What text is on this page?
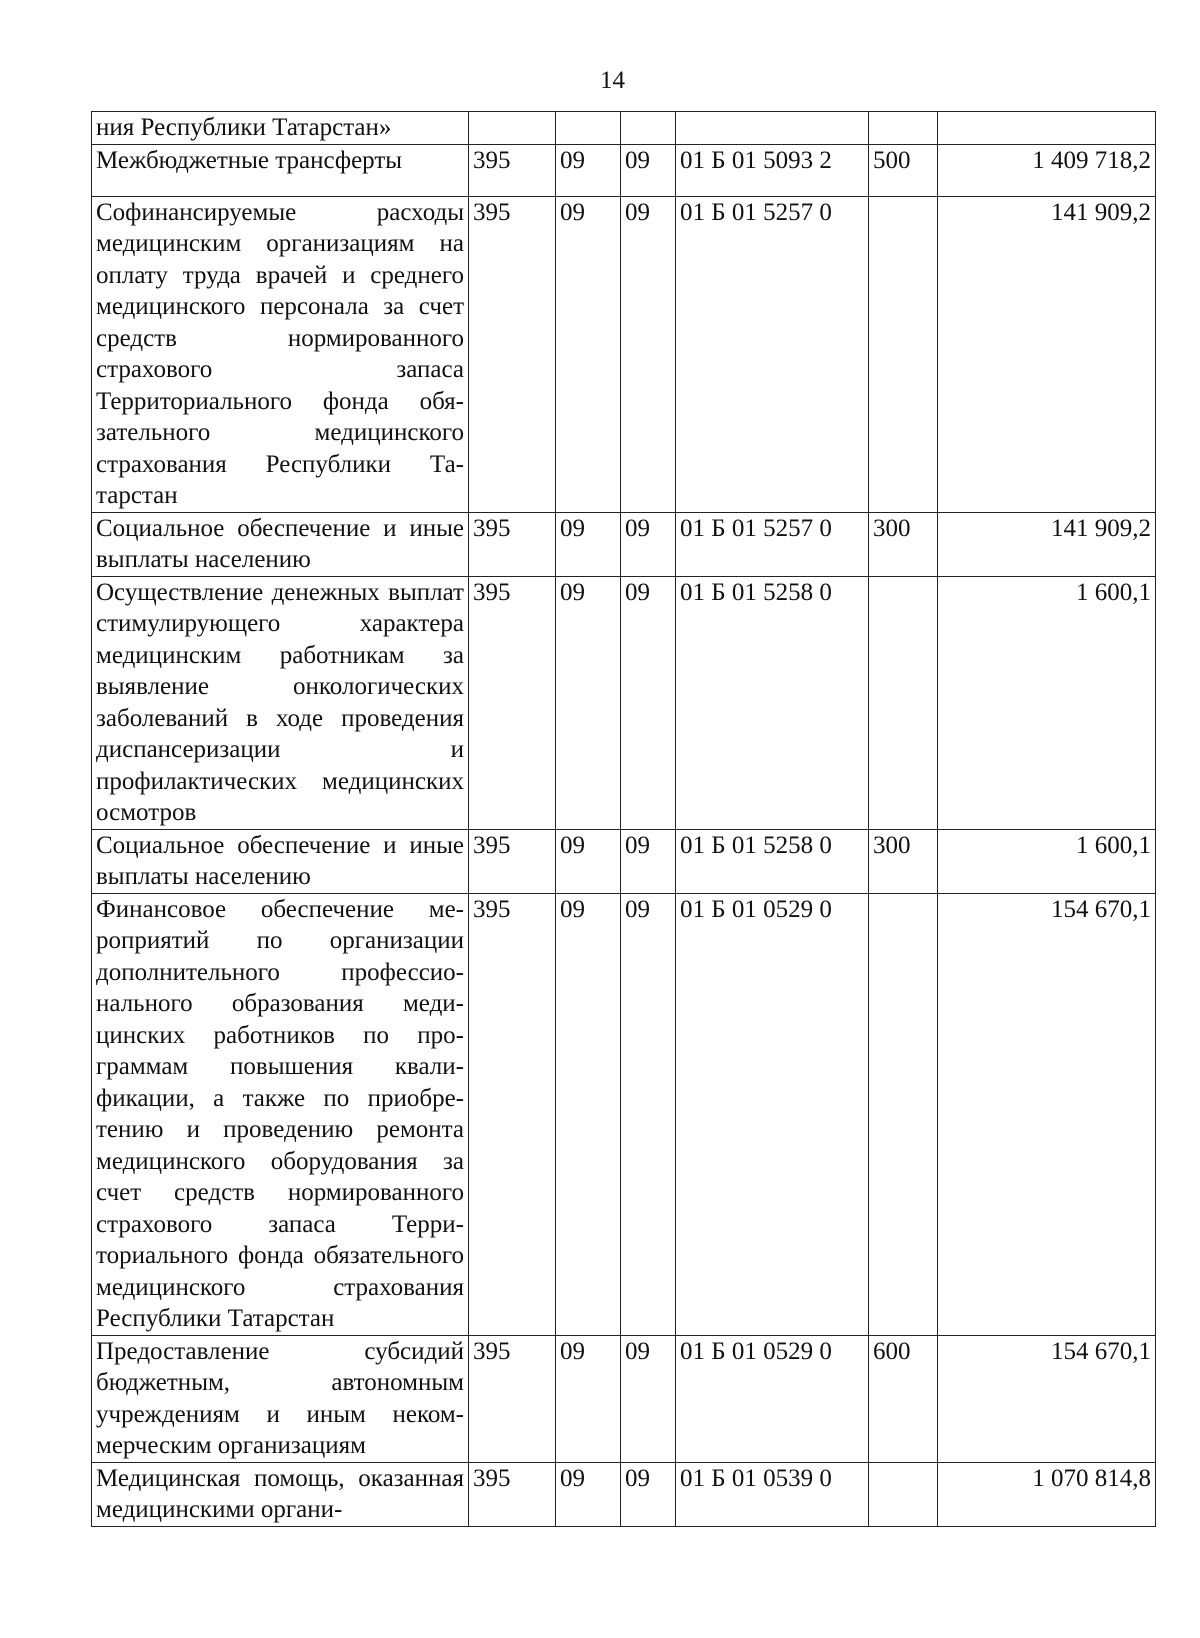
14
ния Республики Татарстан»						
Межбюджетные трансферты	395	09	09	01 Б 01 5093 2	500	1 409 718,2
Софинансируемые расходы медицинским организациям на оплату труда врачей и среднего медицинского персонала за счет средств нормированного страхового запаса Территориального фонда обязательного медицинского страхования Республики Татарстан	395	09	09	01 Б 01 5257 0		141 909,2
Социальное обеспечение и иные выплаты населению	395	09	09	01 Б 01 5257 0	300	141 909,2
Осуществление денежных выплат стимулирующего характера медицинским работникам за выявление онкологических заболеваний в ходе проведения диспансеризации и профилактических медицинских осмотров	395	09	09	01 Б 01 5258 0		1 600,1
Социальное обеспечение и иные выплаты населению	395	09	09	01 Б 01 5258 0	300	1 600,1
Финансовое обеспечение мероприятий по организации дополнительного профессионального образования медицинских работников по программам повышения квалификации, а также по приобретению и проведению ремонта медицинского оборудования за счет средств нормированного страхового запаса Территориального фонда обязательного медицинского страхования Республики Татарстан	395	09	09	01 Б 01 0529 0		154 670,1
Предоставление субсидий бюджетным, автономным учреждениям и иным некоммерческим организациям	395	09	09	01 Б 01 0529 0	600	154 670,1
Медицинская помощь, оказанная медицинскими органи-	395	09	09	01 Б 01 0539 0		1 070 814,8
